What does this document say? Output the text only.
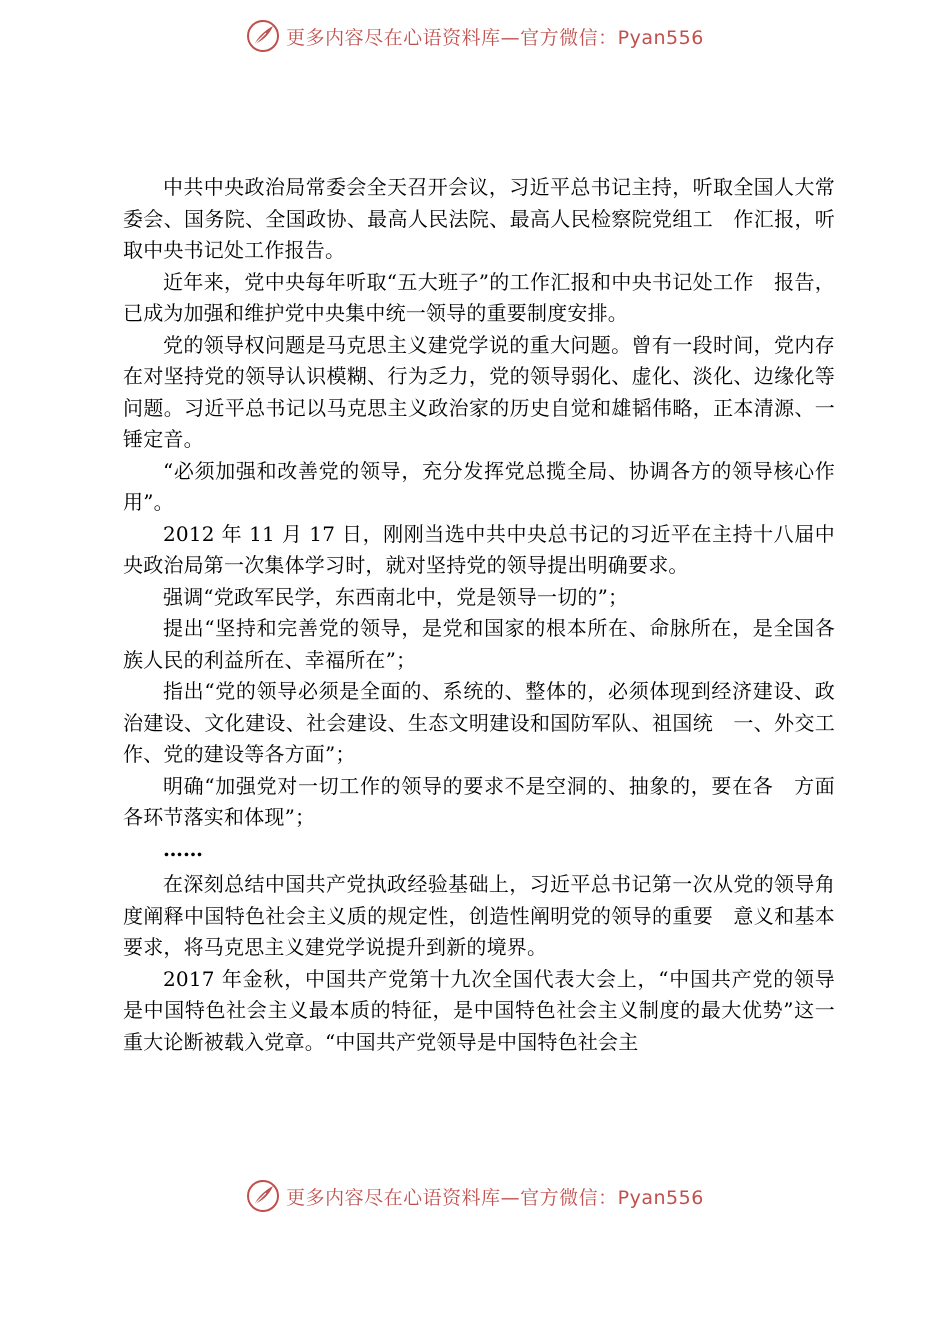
更多内容尽在心语资料库—官方微信：Pyan556

中共中央政治局常委会全天召开会议，习近平总书记主持，听取全国人大常委会、国务院、全国政协、最高人民法院、最高人民检察院党组工　作汇报，听取中央书记处工作报告。

近年来，党中央每年听取“五大班子”的工作汇报和中央书记处工作　报告，已成为加强和维护党中央集中统一领导的重要制度安排。

党的领导权问题是马克思主义建党学说的重大问题。曾有一段时间，党内存在对坚持党的领导认识模糊、行为乏力，党的领导弱化、虚化、淡化、边缘化等问题。习近平总书记以马克思主义政治家的历史自觉和雄韬伟略，正本清源、一锤定音。

“必须加强和改善党的领导，充分发挥党总揽全局、协调各方的领导核心作用”。

2012 年 11 月 17 日，刚刚当选中共中央总书记的习近平在主持十八届中央政治局第一次集体学习时，就对坚持党的领导提出明确要求。

强调“党政军民学，东西南北中，党是领导一切的”；

提出“坚持和完善党的领导，是党和国家的根本所在、命脉所在，是全国各族人民的利益所在、幸福所在”；

指出“党的领导必须是全面的、系统的、整体的，必须体现到经济建设、政治建设、文化建设、社会建设、生态文明建设和国防军队、祖国统　一、外交工作、党的建设等各方面”；

明确“加强党对一切工作的领导的要求不是空洞的、抽象的，要在各　方面各环节落实和体现”；

……

在深刻总结中国共产党执政经验基础上，习近平总书记第一次从党的领导角度阐释中国特色社会主义质的规定性，创造性阐明党的领导的重要　意义和基本要求，将马克思主义建党学说提升到新的境界。

2017 年金秋，中国共产党第十九次全国代表大会上，“中国共产党的领导是中国特色社会主义最本质的特征，是中国特色社会主义制度的最大优势”这一重大论断被载入党章。“中国共产党领导是中国特色社会主

更多内容尽在心语资料库—官方微信：Pyan556
